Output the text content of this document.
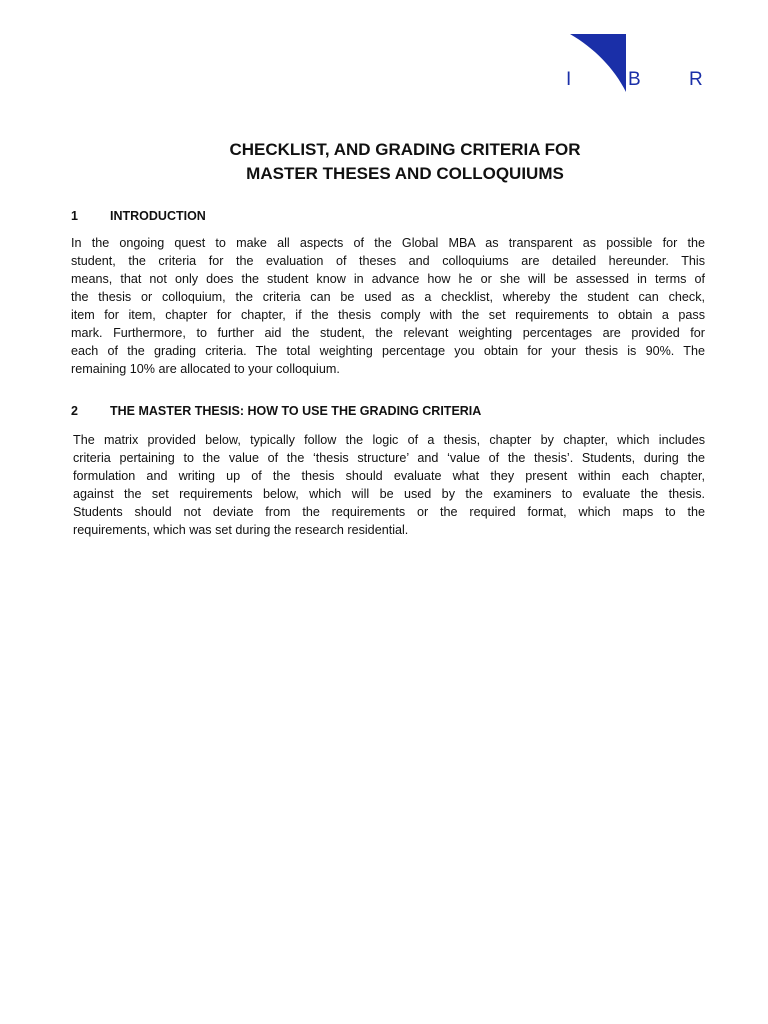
I	B	R
CHECKLIST, AND GRADING CRITERIA FOR
MASTER THESES AND COLLOQUIUMS
1	INTRODUCTION
In the ongoing quest to make all aspects of the Global MBA as transparent as possible for the
student, the criteria for the evaluation of theses and colloquiums are detailed hereunder. This
means, that not only does the student know in advance how he or she will be assessed in terms of
the thesis or colloquium, the criteria can be used as a checklist, whereby the student can check,
item for item, chapter for chapter, if the thesis comply with the set requirements to obtain a pass
mark. Furthermore, to further aid the student, the relevant weighting percentages are provided for
each of the grading criteria. The total weighting percentage you obtain for your thesis is 90%. The
remaining 10% are allocated to your colloquium.
2	THE MASTER THESIS: HOW TO USE THE GRADING CRITERIA
The matrix provided below, typically follow the logic of a thesis, chapter by chapter, which includes
criteria pertaining to the value of the ‘thesis structure’ and ‘value of the thesis’. Students, during the
formulation and writing up of the thesis should evaluate what they present within each chapter,
against the set requirements below, which will be used by the examiners to evaluate the thesis.
Students should not deviate from the requirements or the required format, which maps to the
requirements, which was set during the research residential.
